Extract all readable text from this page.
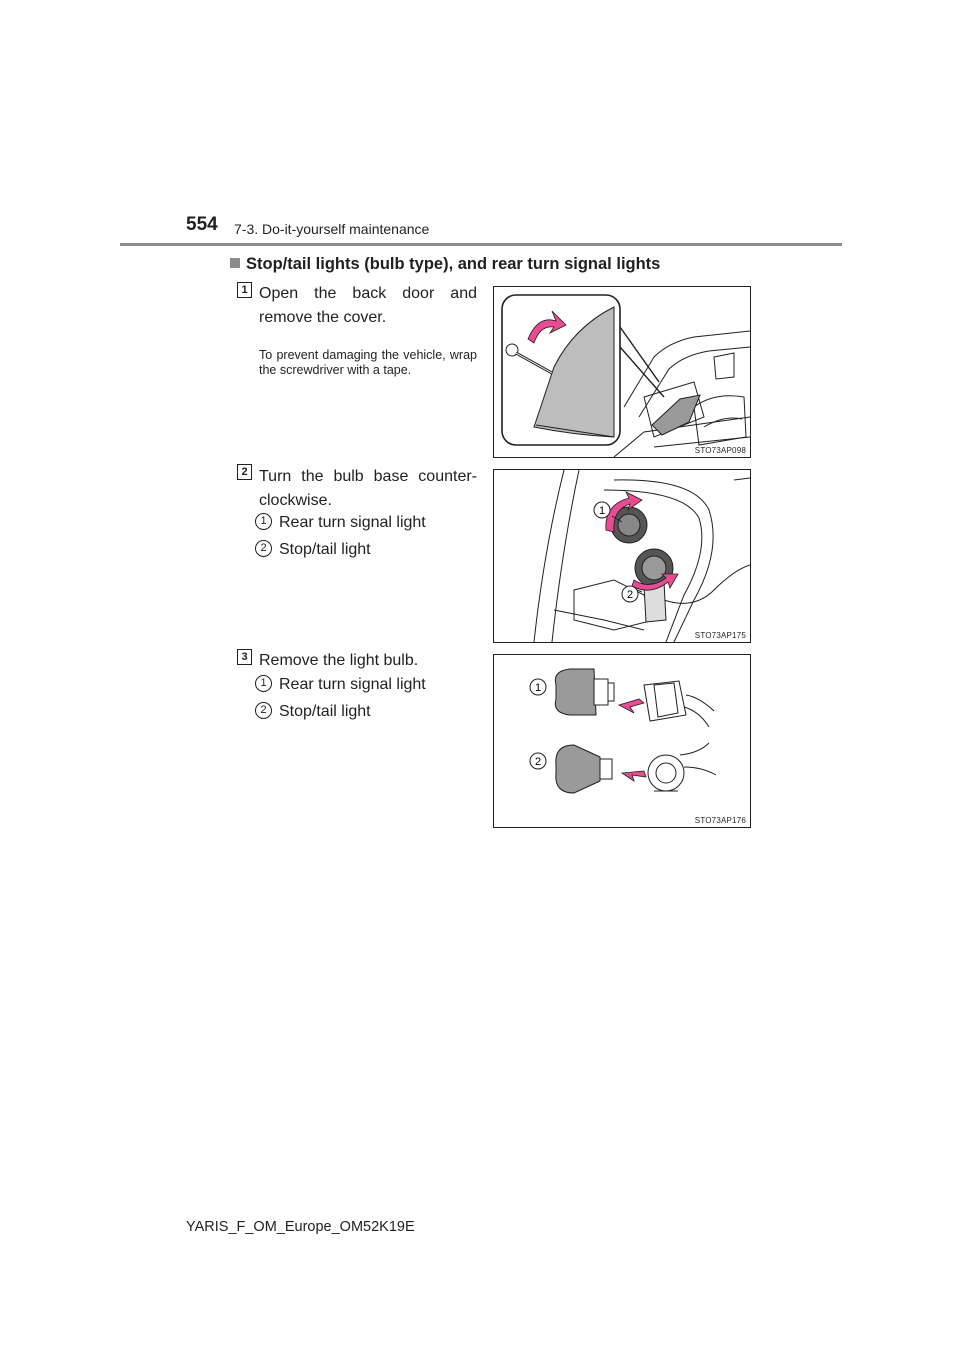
554 7-3. Do-it-yourself maintenance
Stop/tail lights (bulb type), and rear turn signal lights
1 Open the back door and remove the cover.
To prevent damaging the vehicle, wrap the screwdriver with a tape.
STO73AP098
2 Turn the bulb base counter-clockwise.
1 Rear turn signal light
2 Stop/tail light
1
2
STO73AP175
3 Remove the light bulb.
1 Rear turn signal light
2 Stop/tail light
1
2
STO73AP176
YARIS_F_OM_Europe_OM52K19E
